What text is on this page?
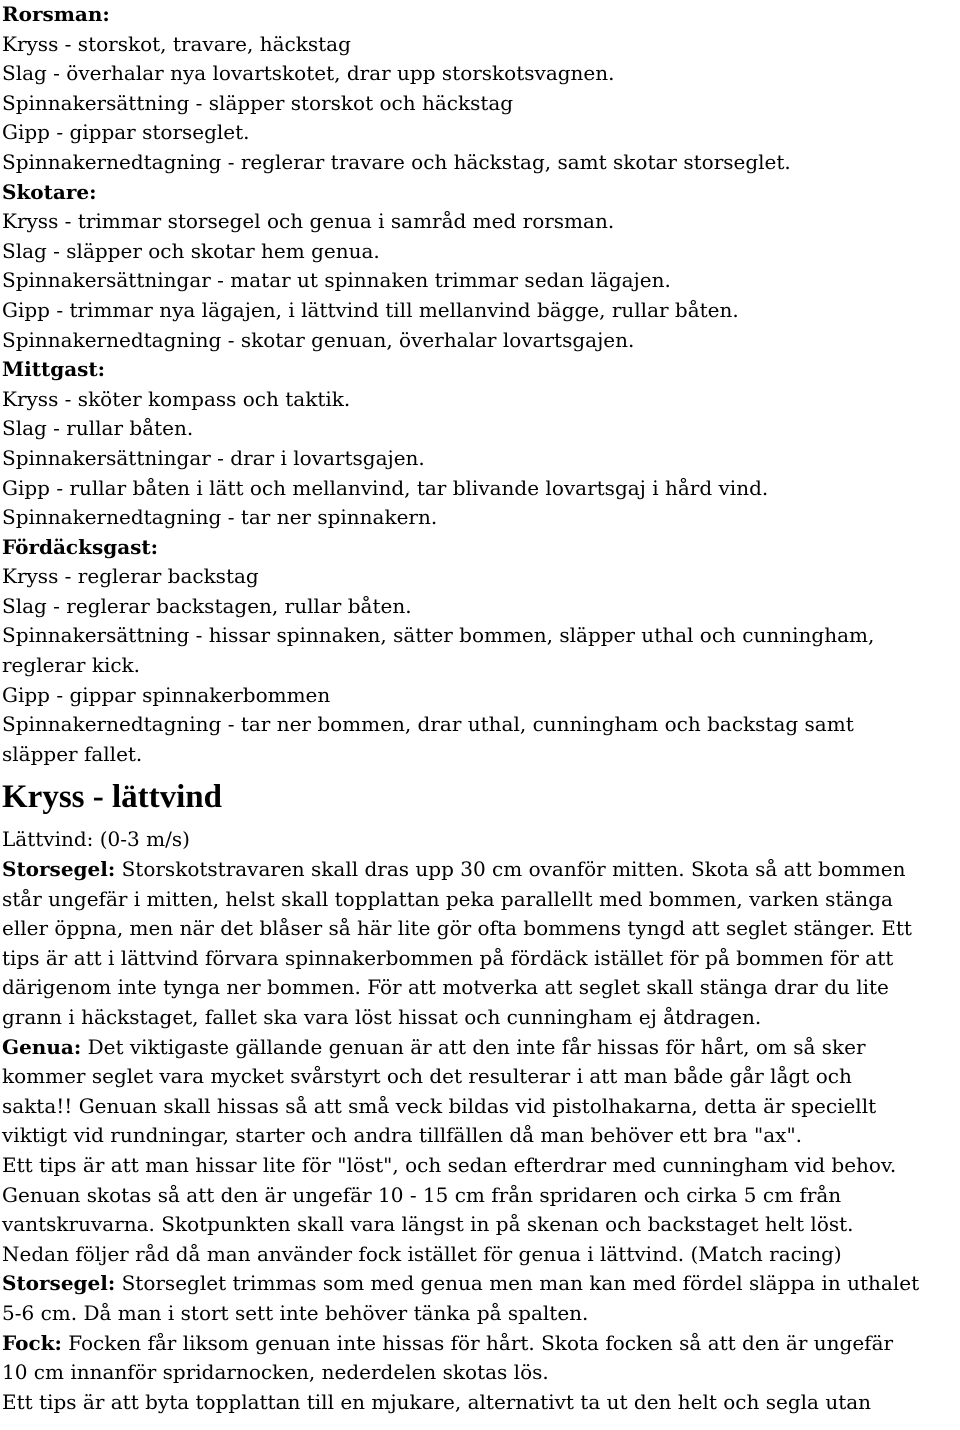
Rorsman:
Kryss - storskot, travare, häckstag
Slag - överhalar nya lovartskotet, drar upp storskotsvagnen.
Spinnakersättning - släpper storskot och häckstag
Gipp - gippar storseglet.
Spinnakernedtagning - reglerar travare och häckstag, samt skotar storseglet.
Skotare:
Kryss - trimmar storsegel och genua i samråd med rorsman.
Slag - släpper och skotar hem genua.
Spinnakersättningar - matar ut spinnaken trimmar sedan lägajen.
Gipp - trimmar nya lägajen, i lättvind till mellanvind bägge, rullar båten.
Spinnakernedtagning - skotar genuan, överhalar lovartsgajen.
Mittgast:
Kryss - sköter kompass och taktik.
Slag - rullar båten.
Spinnakersättningar - drar i lovartsgajen.
Gipp - rullar båten i lätt och mellanvind, tar blivande lovartsgaj i hård vind.
Spinnakernedtagning - tar ner spinnakern.
Fördäcksgast:
Kryss - reglerar backstag
Slag - reglerar backstagen, rullar båten.
Spinnakersättning - hissar spinnaken, sätter bommen, släpper uthal och cunningham,
reglerar kick.
Gipp - gippar spinnakerbommen
Spinnakernedtagning - tar ner bommen, drar uthal, cunningham och backstag samt
släpper fallet.
Kryss - lättvind
Lättvind: (0-3 m/s)
Storsegel: Storskotstravaren skall dras upp 30 cm ovanför mitten. Skota så att bommen
står ungefär i mitten, helst skall topplattan peka parallellt med bommen, varken stänga
eller öppna, men när det blåser så här lite gör ofta bommens tyngd att seglet stänger. Ett
tips är att i lättvind förvara spinnakerbommen på fördäck istället för på bommen för att
därigenom inte tynga ner bommen. För att motverka att seglet skall stänga drar du lite
grann i häckstaget, fallet ska vara löst hissat och cunningham ej åtdragen.
Genua: Det viktigaste gällande genuan är att den inte får hissas för hårt, om så sker
kommer seglet vara mycket svårstyrt och det resulterar i att man både går lågt och
sakta!! Genuan skall hissas så att små veck bildas vid pistolhakarna, detta är speciellt
viktigt vid rundningar, starter och andra tillfällen då man behöver ett bra "ax".
Ett tips är att man hissar lite för "löst", och sedan efterdrar med cunningham vid behov.
Genuan skotas så att den är ungefär 10 - 15 cm från spridaren och cirka 5 cm från
vantskruvarna. Skotpunkten skall vara längst in på skenan och backstaget helt löst.
Nedan följer råd då man använder fock istället för genua i lättvind. (Match racing)
Storsegel: Storseglet trimmas som med genua men man kan med fördel släppa in uthalet
5-6 cm. Då man i stort sett inte behöver tänka på spalten.
Fock: Focken får liksom genuan inte hissas för hårt. Skota focken så att den är ungefär
10 cm innanför spridarnocken, nederdelen skotas lös.
Ett tips är att byta topplattan till en mjukare, alternativt ta ut den helt och segla utan
